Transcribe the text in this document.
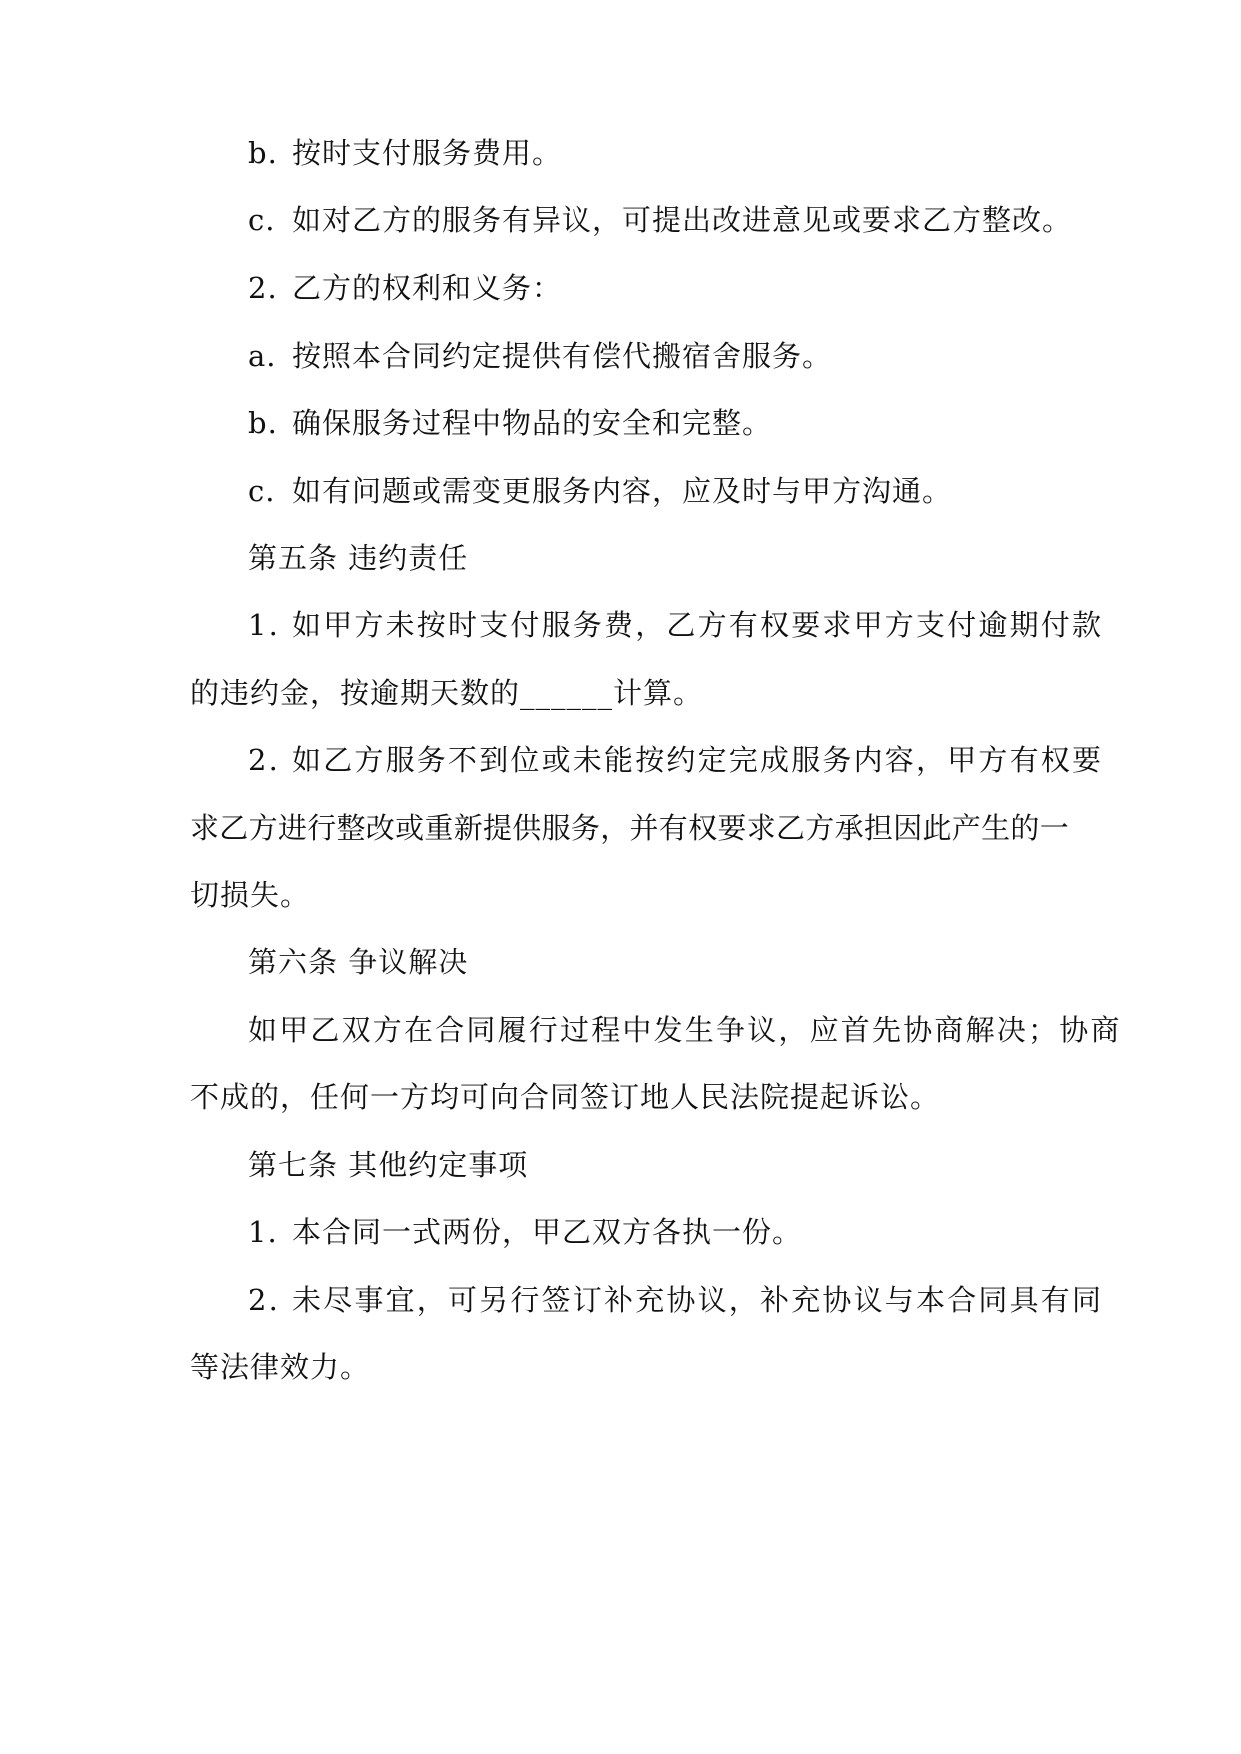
b. 按时支付服务费用。
c. 如对乙方的服务有异议，可提出改进意见或要求乙方整改。
2. 乙方的权利和义务：
a. 按照本合同约定提供有偿代搬宿舍服务。
b. 确保服务过程中物品的安全和完整。
c. 如有问题或需变更服务内容，应及时与甲方沟通。
第五条 违约责任
1. 如甲方未按时支付服务费，乙方有权要求甲方支付逾期付款
的违约金，按逾期天数的______计算。
2. 如乙方服务不到位或未能按约定完成服务内容，甲方有权要
求乙方进行整改或重新提供服务，并有权要求乙方承担因此产生的一
切损失。
第六条 争议解决
如甲乙双方在合同履行过程中发生争议，应首先协商解决；协商
不成的，任何一方均可向合同签订地人民法院提起诉讼。
第七条 其他约定事项
1. 本合同一式两份，甲乙双方各执一份。
2. 未尽事宜，可另行签订补充协议，补充协议与本合同具有同
等法律效力。
